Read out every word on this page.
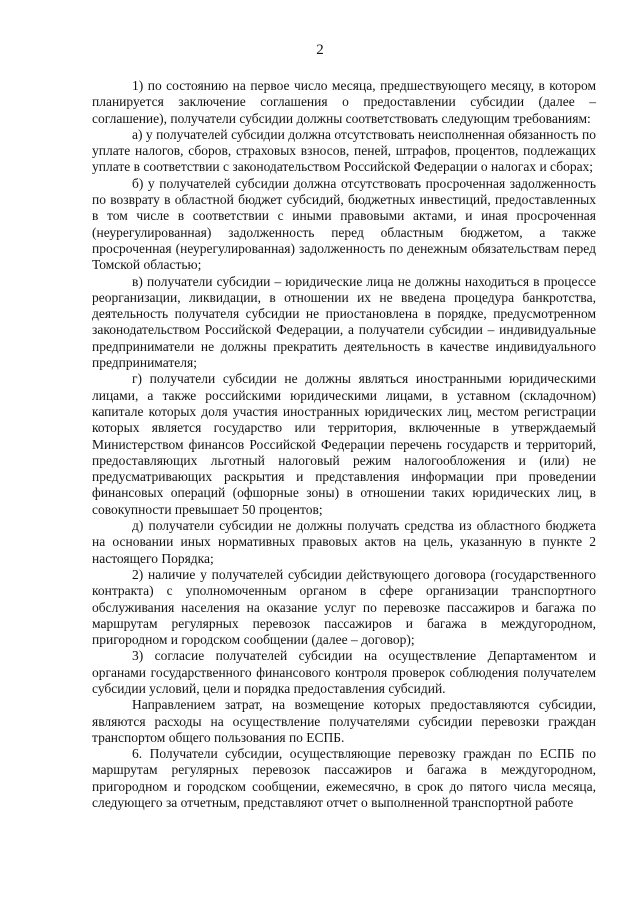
2

1) по состоянию на первое число месяца, предшествующего месяцу, в котором планируется заключение соглашения о предоставлении субсидии (далее – соглашение), получатели субсидии должны соответствовать следующим требованиям:

а) у получателей субсидии должна отсутствовать неисполненная обязанность по уплате налогов, сборов, страховых взносов, пеней, штрафов, процентов, подлежащих уплате в соответствии с законодательством Российской Федерации о налогах и сборах;

б) у получателей субсидии должна отсутствовать просроченная задолженность по возврату в областной бюджет субсидий, бюджетных инвестиций, предоставленных в том числе в соответствии с иными правовыми актами, и иная просроченная (неурегулированная) задолженность перед областным бюджетом, а также просроченная (неурегулированная) задолженность по денежным обязательствам перед Томской областью;

в) получатели субсидии – юридические лица не должны находиться в процессе реорганизации, ликвидации, в отношении их не введена процедура банкротства, деятельность получателя субсидии не приостановлена в порядке, предусмотренном законодательством Российской Федерации, а получатели субсидии – индивидуальные предприниматели не должны прекратить деятельность в качестве индивидуального предпринимателя;

г) получатели субсидии не должны являться иностранными юридическими лицами, а также российскими юридическими лицами, в уставном (складочном) капитале которых доля участия иностранных юридических лиц, местом регистрации которых является государство или территория, включенные в утверждаемый Министерством финансов Российской Федерации перечень государств и территорий, предоставляющих льготный налоговый режим налогообложения и (или) не предусматривающих раскрытия и представления информации при проведении финансовых операций (офшорные зоны) в отношении таких юридических лиц, в совокупности превышает 50 процентов;

д) получатели субсидии не должны получать средства из областного бюджета на основании иных нормативных правовых актов на цель, указанную в пункте 2 настоящего Порядка;

2) наличие у получателей субсидии действующего договора (государственного контракта) с уполномоченным органом в сфере организации транспортного обслуживания населения на оказание услуг по перевозке пассажиров и багажа по маршрутам регулярных перевозок пассажиров и багажа в междугородном, пригородном и городском сообщении (далее – договор);

3) согласие получателей субсидии на осуществление Департаментом и органами государственного финансового контроля проверок соблюдения получателем субсидии условий, цели и порядка предоставления субсидий.

Направлением затрат, на возмещение которых предоставляются субсидии, являются расходы на осуществление получателями субсидии перевозки граждан транспортом общего пользования по ЕСПБ.

6. Получатели субсидии, осуществляющие перевозку граждан по ЕСПБ по маршрутам регулярных перевозок пассажиров и багажа в междугородном, пригородном и городском сообщении, ежемесячно, в срок до пятого числа месяца, следующего за отчетным, представляют отчет о выполненной транспортной работе
